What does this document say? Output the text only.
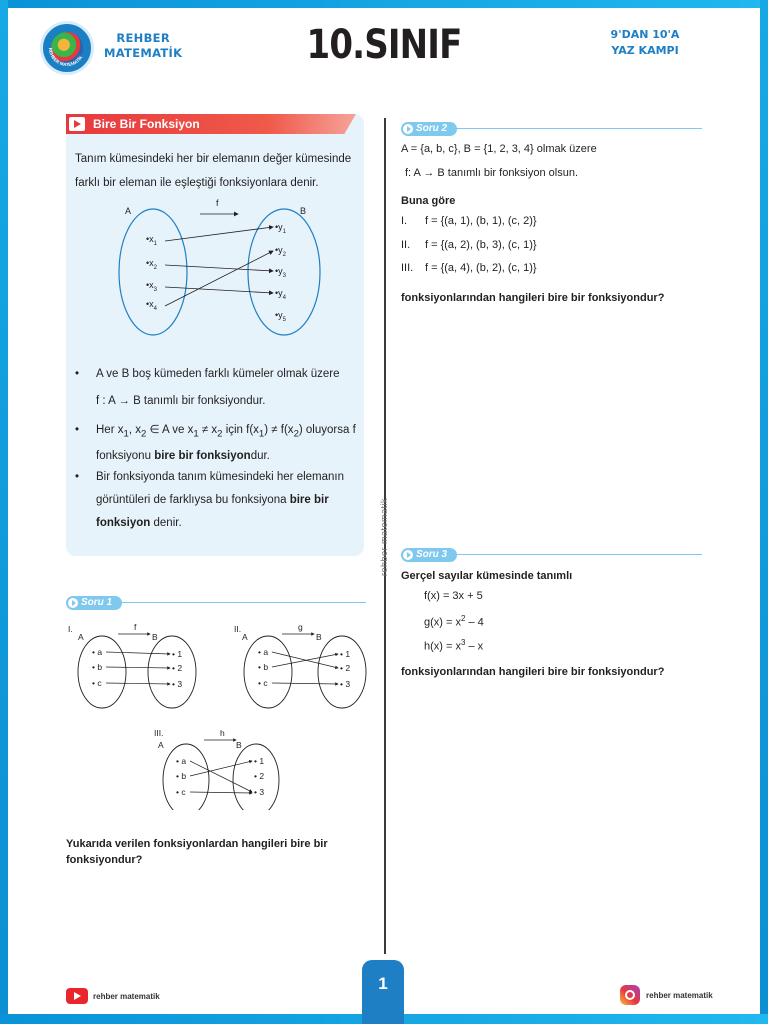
REHBER MATEMATİK
REHBER
MATEMATİK	10.SINIF	9'DAN 10'A
YAZ KAMPI
rehber matematik
Bire Bir Fonksiyon
Tanım kümesindeki her bir elemanın değer kümesinde farklı bir eleman ile eşleştiği fonksiyonlara denir.
A	B
f
$•x_1$
$•x_2$
$•x_3$
$•x_4$
$•y_1$
$•y_2$
$•y_3$
$•y_4$
$•y_5$
• A ve B boş kümeden farklı kümeler olmak üzere
f : A → B tanımlı bir fonksiyondur.
• Her $x_1$, $x_2$ ∈ A ve $x_1 \ne x_2$ için $f(x_1) \ne f(x_2)$ oluyorsa f
fonksiyonu bire bir fonksiyondur.
• Bir fonksiyonda tanım kümesindeki her elemanın
görüntüleri de farklıysa bu fonksiyona bire bir
fonksiyon denir.
Soru 1
I.
A	B
f
• a
• b
• c
• 1
• 2
• 3
II.
A	B
g
• a
• b
• c
• 1
• 2
• 3
III.
A	B
h
• a
• b
• c
• 1
• 2
• 3
Yukarıda verilen fonksiyonlardan hangileri bire bir
fonksiyondur?
Soru 2
A = {a, b, c}, B = {1, 2, 3, 4} olmak üzere
f: A → B tanımlı bir fonksiyon olsun.
Buna göre
I. f = {(a, 1), (b, 1), (c, 2)}
II. f = {(a, 2), (b, 3), (c, 1)}
III. f = {(a, 4), (b, 2), (c, 1)}
fonksiyonlarından hangileri bire bir fonksiyondur?
Soru 3
Gerçel sayılar kümesinde tanımlı
f(x) = 3x + 5
$g(x) = x^2 - 4$
$h(x) = x^3 - x$
fonksiyonlarından hangileri bire bir fonksiyondur?
rehber matematik
1
rehber matematik
